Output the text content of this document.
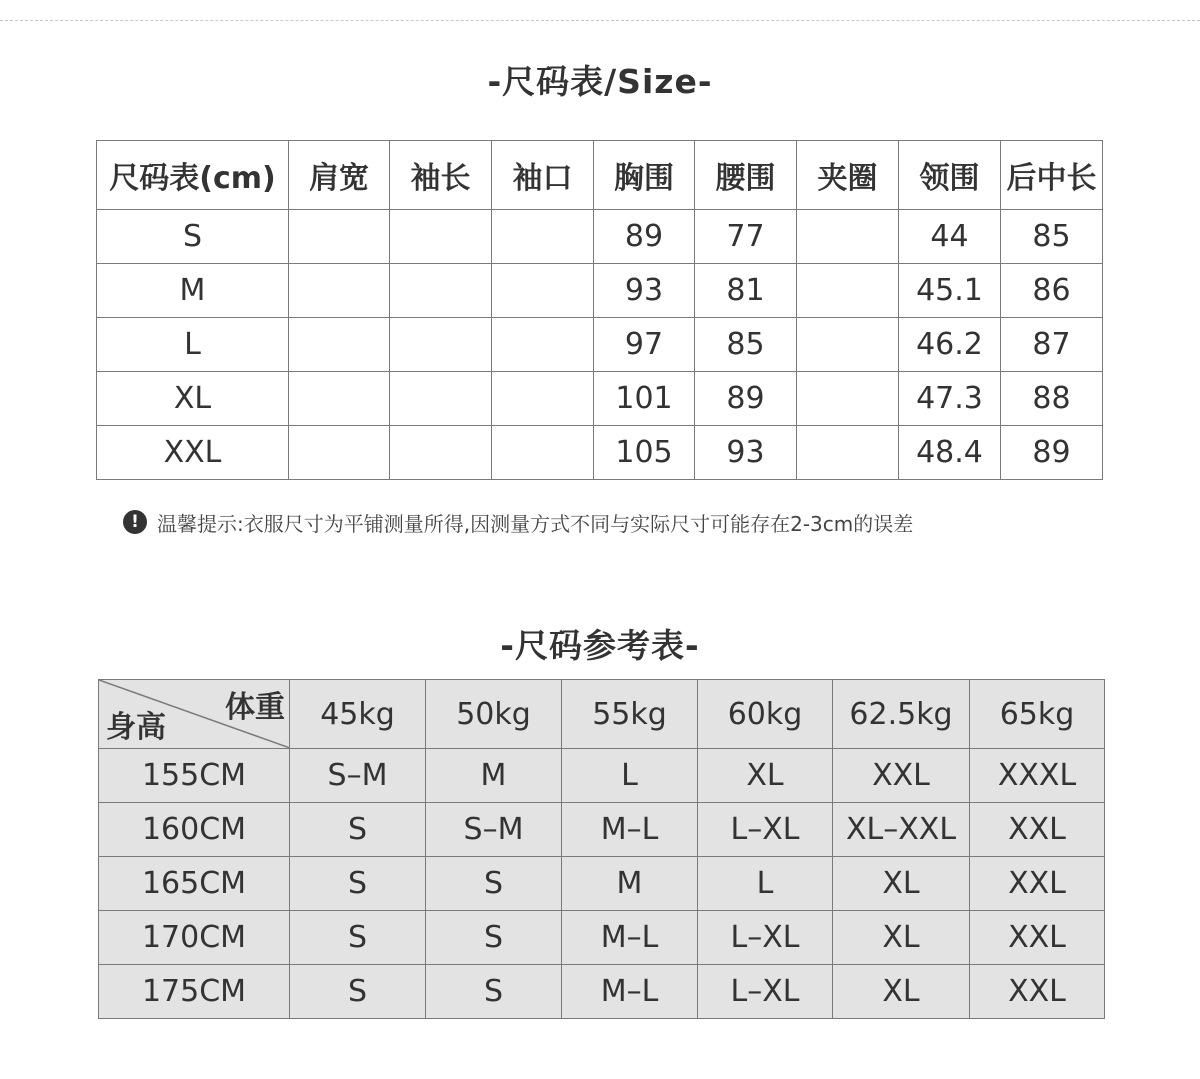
-尺码表/Size-
尺码表(cm)	肩宽	袖长	袖口	胸围	腰围	夹圈	领围	后中长
S				89	77		44	85
M				93	81		45.1	86
L				97	85		46.2	87
XL				101	89		47.3	88
XXL				105	93		48.4	89
! 温馨提示:衣服尺寸为平铺测量所得,因测量方式不同与实际尺寸可能存在2-3cm的误差
-尺码参考表-
体重
身高	45kg	50kg	55kg	60kg	62.5kg	65kg
155CM	S–M	M	L	XL	XXL	XXXL
160CM	S	S–M	M–L	L–XL	XL–XXL	XXL
165CM	S	S	M	L	XL	XXL
170CM	S	S	M–L	L–XL	XL	XXL
175CM	S	S	M–L	L–XL	XL	XXL
